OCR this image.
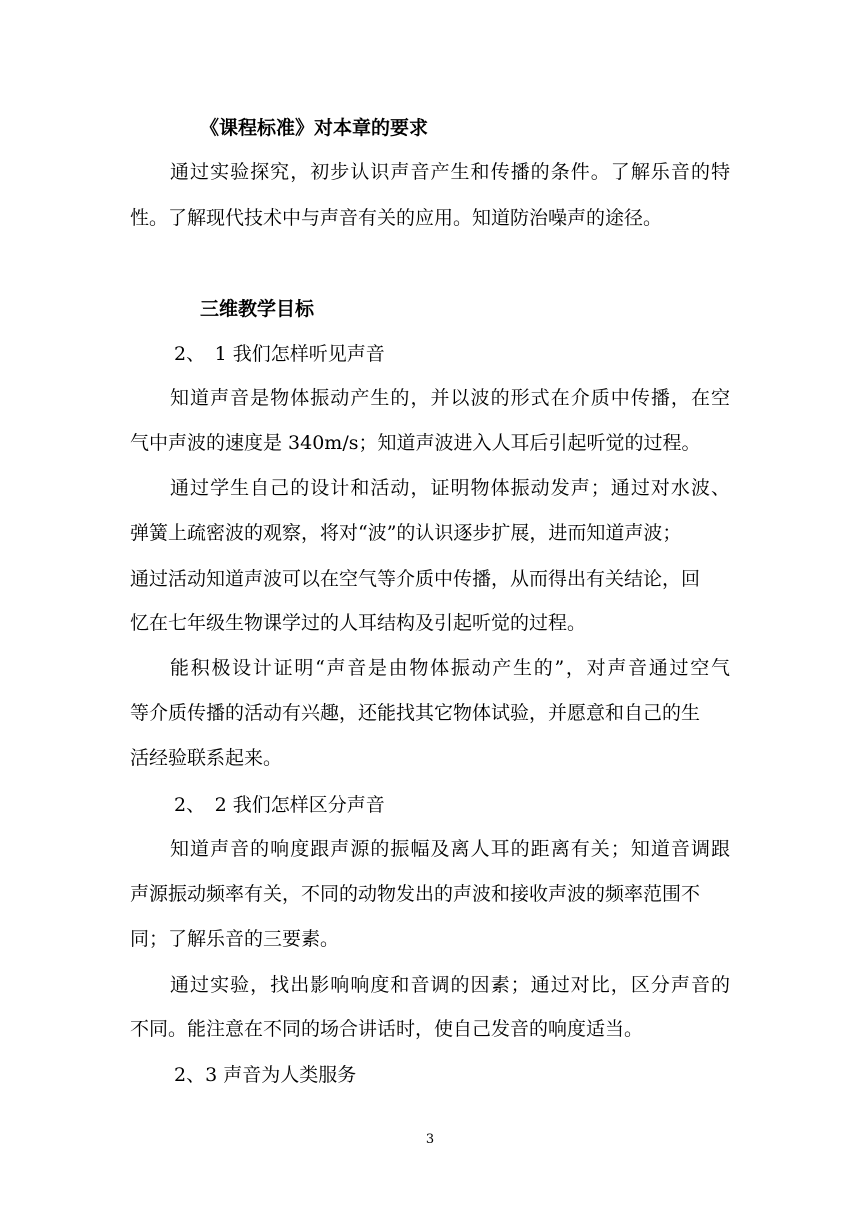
《课程标准》对本章的要求
通过实验探究，初步认识声音产生和传播的条件。了解乐音的特
性。了解现代技术中与声音有关的应用。知道防治噪声的途径。
三维教学目标
2、　1 我们怎样听见声音
知道声音是物体振动产生的，并以波的形式在介质中传播，在空
气中声波的速度是 340m/s；知道声波进入人耳后引起听觉的过程。
通过学生自己的设计和活动，证明物体振动发声；通过对水波、
弹簧上疏密波的观察，将对“波”的认识逐步扩展，进而知道声波；
通过活动知道声波可以在空气等介质中传播，从而得出有关结论，回
忆在七年级生物课学过的人耳结构及引起听觉的过程。
能积极设计证明“声音是由物体振动产生的”，对声音通过空气
等介质传播的活动有兴趣，还能找其它物体试验，并愿意和自己的生
活经验联系起来。
2、　2 我们怎样区分声音
知道声音的响度跟声源的振幅及离人耳的距离有关；知道音调跟
声源振动频率有关，不同的动物发出的声波和接收声波的频率范围不
同；了解乐音的三要素。
通过实验，找出影响响度和音调的因素；通过对比，区分声音的
不同。能注意在不同的场合讲话时，使自己发音的响度适当。
2、3 声音为人类服务
3
